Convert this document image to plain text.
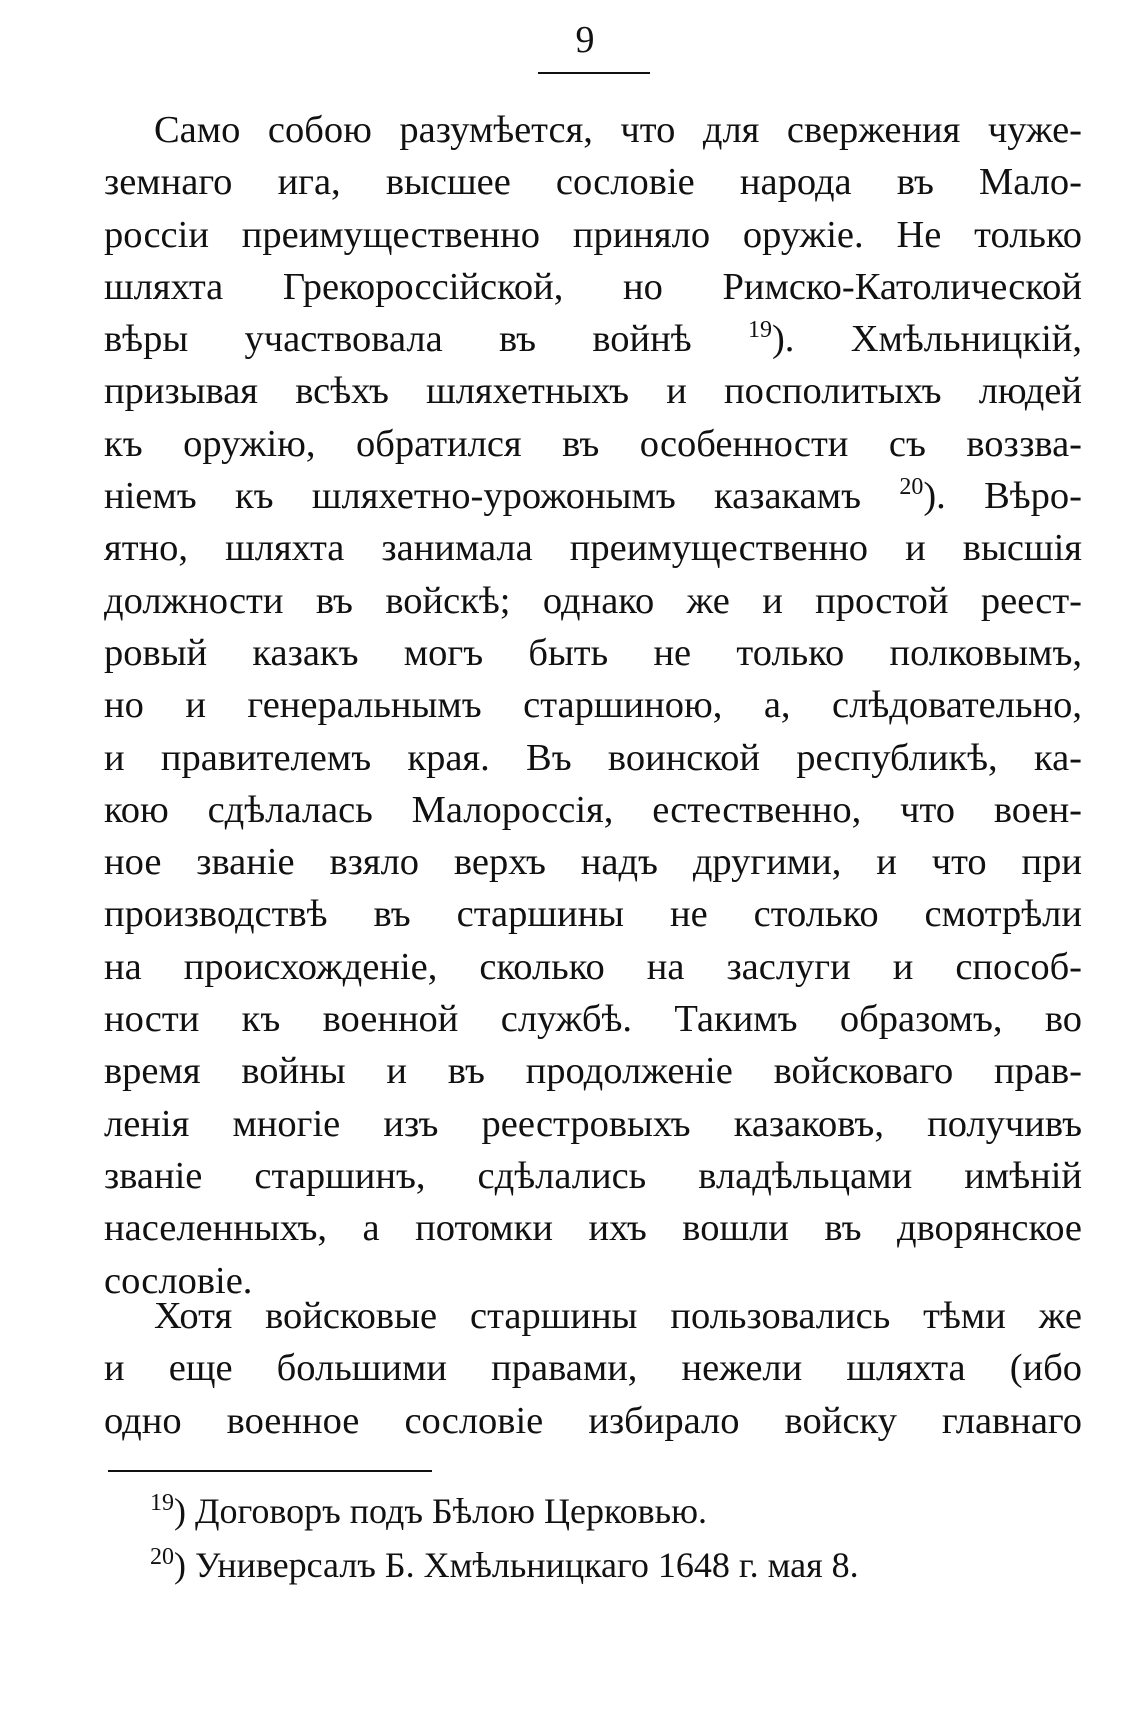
9
Само собою разумѣется, что для свержения чуже-
земнаго ига, высшее сословіе народа въ Мало-
россіи преимущественно приняло оружіе. Не только
шляхта Грекороссійской, но Римско-Католической
вѣры участвовала въ войнѣ $^{19}$). Хмѣльницкій,
призывая всѣхъ шляхетныхъ и посполитыхъ людей
къ оружію, обратился въ особенности съ воззва-
ніемъ къ шляхетно-урожонымъ казакамъ $^{20}$). Вѣро-
ятно, шляхта занимала преимущественно и высшія
должности въ войскѣ; однако же и простой реест-
ровый казакъ могъ быть не только полковымъ,
но и генеральнымъ старшиною, а, слѣдовательно,
и правителемъ края. Въ воинской республикѣ, ка-
кою сдѣлалась Малороссія, естественно, что воен-
ное званіе взяло верхъ надъ другими, и что при
производствѣ въ старшины не столько смотрѣли
на происхожденіе, сколько на заслуги и способ-
ности къ военной службѣ. Такимъ образомъ, во
время войны и въ продолженіе войсковаго прав-
ленія многіе изъ реестровыхъ казаковъ, получивъ
званіе старшинъ, сдѣлались владѣльцами имѣній
населенныхъ, а потомки ихъ вошли въ дворянское
сословіе.
Хотя войсковые старшины пользовались тѣми же
и еще большими правами, нежели шляхта (ибо
одно военное сословіе избирало войску главнаго
$^{19}$) Договоръ подъ Бѣлою Церковью.
$^{20}$) Универсалъ Б. Хмѣльницкаго 1648 г. мая 8.
